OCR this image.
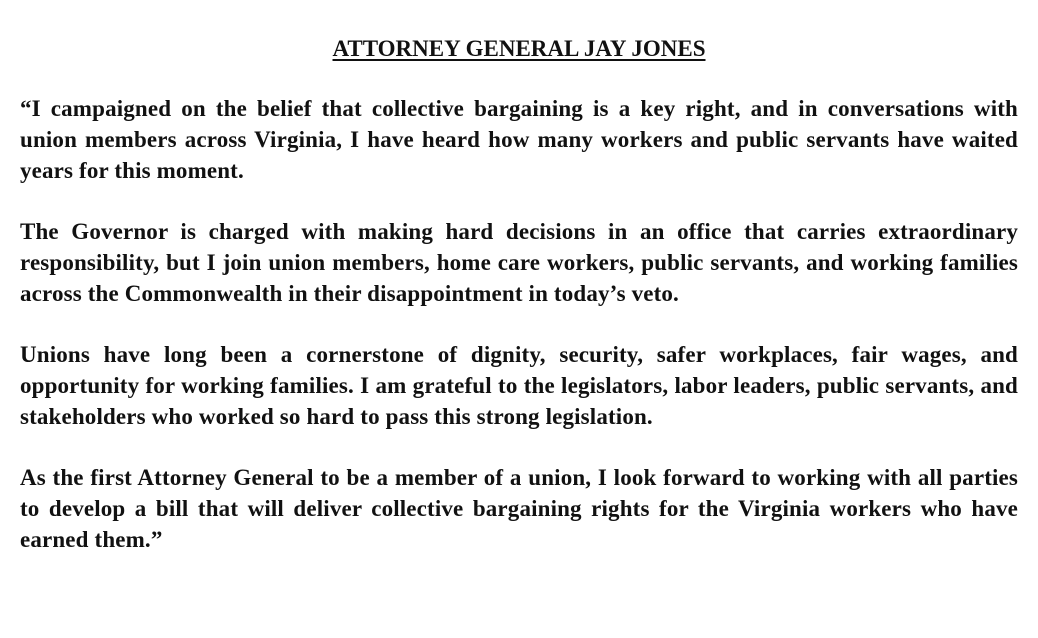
ATTORNEY GENERAL JAY JONES

“I campaigned on the belief that collective bargaining is a key right, and in conversations with union members across Virginia, I have heard how many workers and public servants have waited years for this moment.

The Governor is charged with making hard decisions in an office that carries extraordinary responsibility, but I join union members, home care workers, public servants, and working families across the Commonwealth in their disappointment in today’s veto.

Unions have long been a cornerstone of dignity, security, safer workplaces, fair wages, and opportunity for working families. I am grateful to the legislators, labor leaders, public servants, and stakeholders who worked so hard to pass this strong legislation.

As the first Attorney General to be a member of a union, I look forward to working with all parties to develop a bill that will deliver collective bargaining rights for the Virginia workers who have earned them.”
